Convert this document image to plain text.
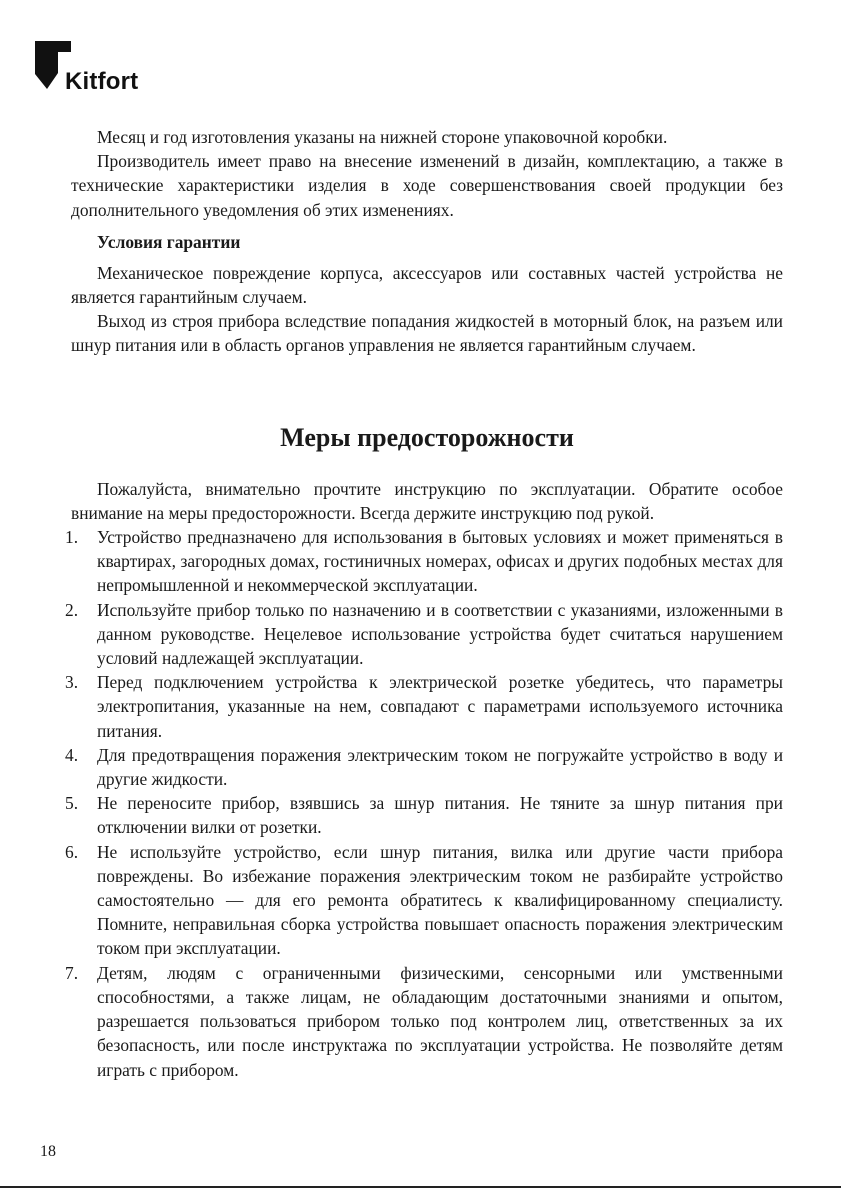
Kitfort

Месяц и год изготовления указаны на нижней стороне упаковочной коробки.

Производитель имеет право на внесение изменений в дизайн, комплектацию, а также в технические характеристики изделия в ходе совершенствования своей продукции без дополнительного уведомления об этих изменениях.

Условия гарантии

Механическое повреждение корпуса, аксессуаров или составных частей устройства не является гарантийным случаем.

Выход из строя прибора вследствие попадания жидкостей в моторный блок, на разъем или шнур питания или в область органов управления не является гарантийным случаем.

Меры предосторожности

Пожалуйста, внимательно прочтите инструкцию по эксплуатации. Обратите особое внимание на меры предосторожности. Всегда держите инструкцию под рукой.

1. Устройство предназначено для использования в бытовых условиях и может применяться в квартирах, загородных домах, гостиничных номерах, офисах и других подобных местах для непромышленной и некоммерческой эксплуатации.
2. Используйте прибор только по назначению и в соответствии с указаниями, изложенными в данном руководстве. Нецелевое использование устройства будет считаться нарушением условий надлежащей эксплуатации.
3. Перед подключением устройства к электрической розетке убедитесь, что параметры электропитания, указанные на нем, совпадают с параметрами используемого источника питания.
4. Для предотвращения поражения электрическим током не погружайте устройство в воду и другие жидкости.
5. Не переносите прибор, взявшись за шнур питания. Не тяните за шнур питания при отключении вилки от розетки.
6. Не используйте устройство, если шнур питания, вилка или другие части прибора повреждены. Во избежание поражения электрическим током не разбирайте устройство самостоятельно — для его ремонта обратитесь к квалифицированному специалисту. Помните, неправильная сборка устройства повышает опасность поражения электрическим током при эксплуатации.
7. Детям, людям с ограниченными физическими, сенсорными или умственными способностями, а также лицам, не обладающим достаточными знаниями и опытом, разрешается пользоваться прибором только под контролем лиц, ответственных за их безопасность, или после инструктажа по эксплуатации устройства. Не позволяйте детям играть с прибором.
18
